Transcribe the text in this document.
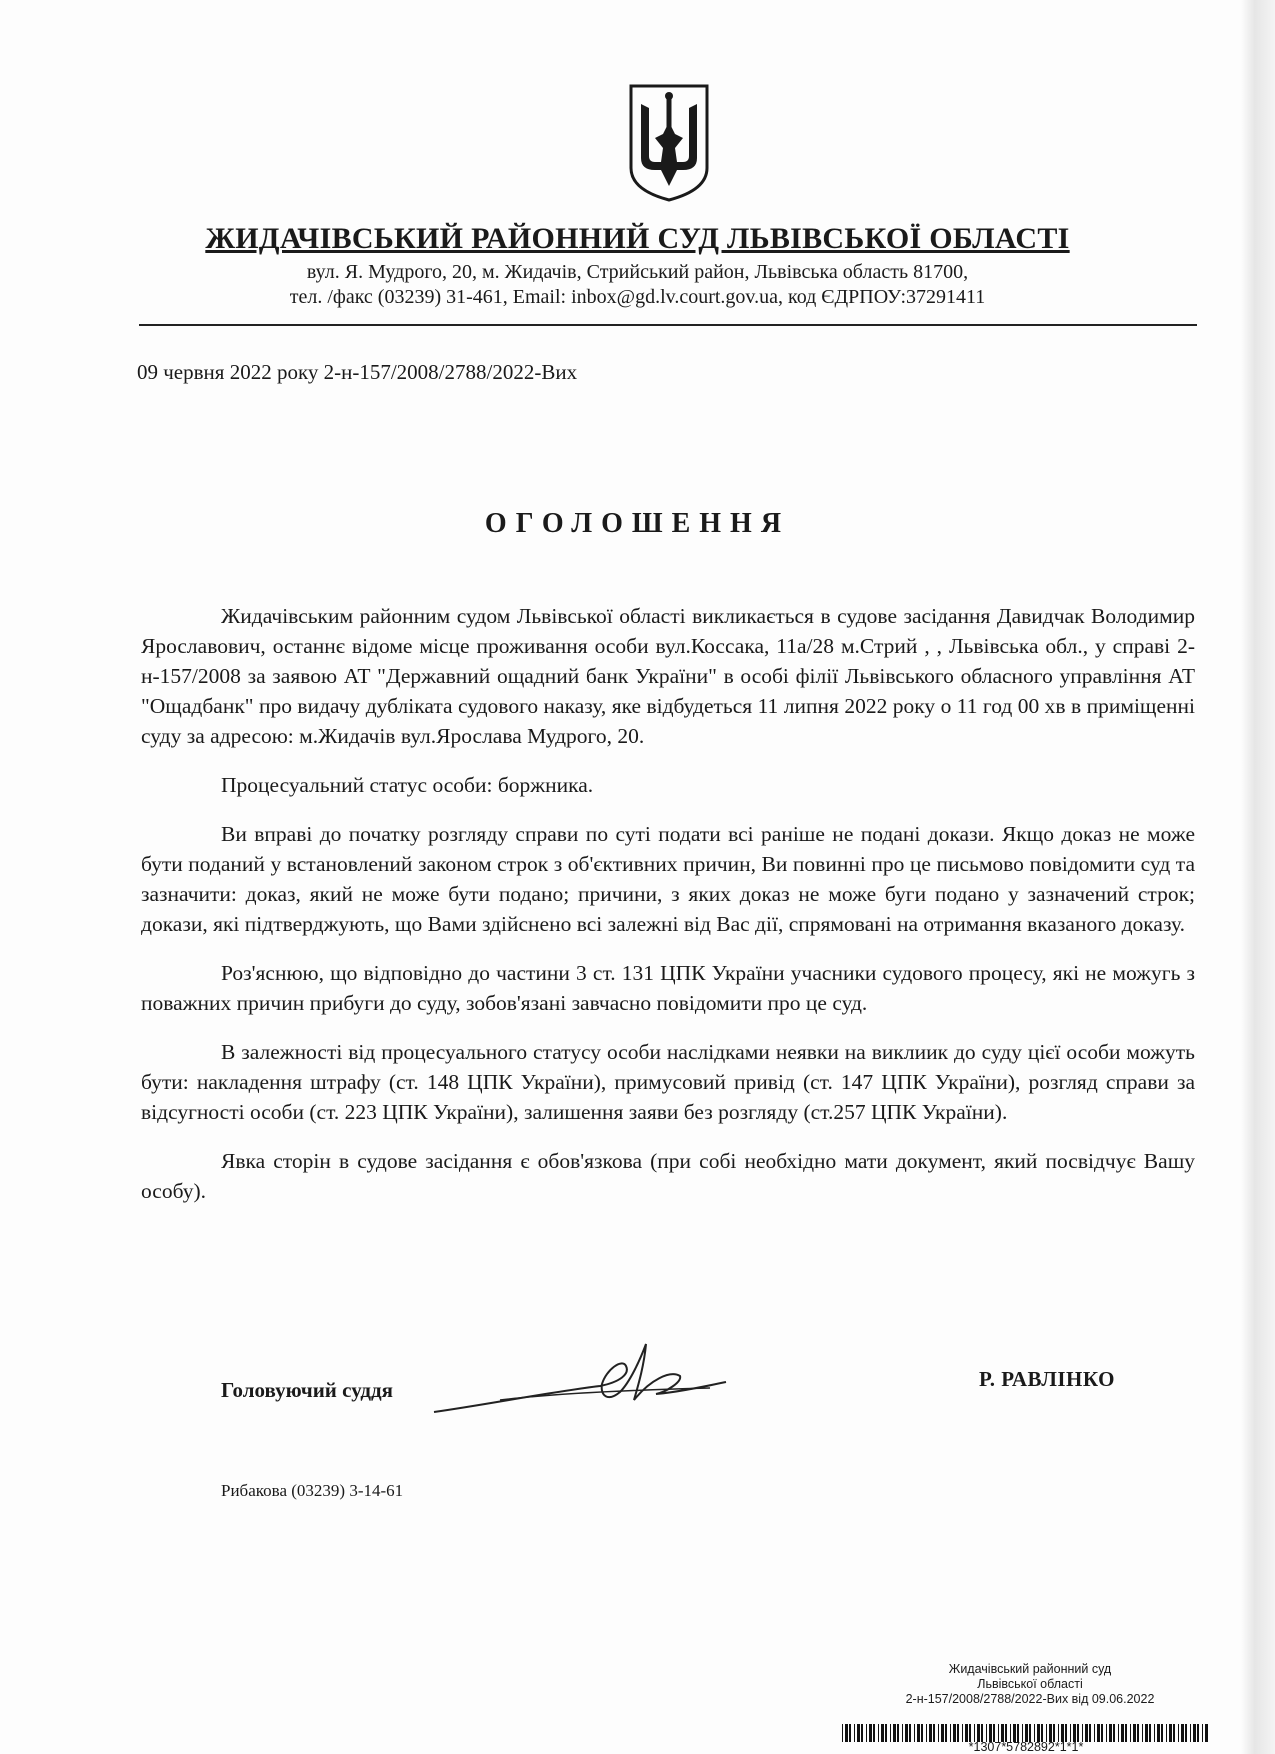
ЖИДАЧІВСЬКИЙ РАЙОННИЙ СУД ЛЬВІВСЬКОЇ ОБЛАСТІ
вул. Я. Мудрого, 20, м. Жидачів, Стрийський район, Львівська область 81700,
тел. /факс (03239) 31-461, Email: inbox@gd.lv.court.gov.ua, код ЄДРПОУ:37291411
09 червня 2022 року 2-н-157/2008/2788/2022-Вих
ОГОЛОШЕННЯ

Жидачівським районним судом Львівської області викликається в судове засідання Давидчак Володимир Ярославович, останнє відоме місце проживання особи вул.Коссака, 11а/28 м.Стрий , , Львівська обл., у справі 2-н-157/2008 за заявою АТ "Державний ощадний банк України" в особі філії Львівського обласного управління АТ "Ощадбанк" про видачу дубліката судового наказу, яке відбудеться 11 липня 2022 року о 11 год 00 хв в приміщенні суду за адресою: м.Жидачів вул.Ярослава Мудрого, 20.

Процесуальний статус особи: боржника.

Ви вправі до початку розгляду справи по суті подати всі раніше не подані докази. Якщо доказ не може бути поданий у встановлений законом строк з об'єктивних причин, Ви повинні про це письмово повідомити суд та зазначити: доказ, який не може бути подано; причини, з яких доказ не може буги подано у зазначений строк; докази, які підтверджують, що Вами здійснено всі залежні від Вас дії, спрямовані на отримання вказаного доказу.

Роз'яснюю, що відповідно до частини 3 ст. 131 ЦПК України учасники судового процесу, які не можугь з поважних причин прибуги до суду, зобов'язані завчасно повідомити про це суд.

В залежності від процесуального статусу особи наслідками неявки на виклиик до суду цієї особи можуть бути: накладення штрафу (ст. 148 ЦПК України), примусовий привід (ст. 147 ЦПК України), розгляд справи за відсугності особи (ст. 223 ЦПК України), залишення заяви без розгляду (ст.257 ЦПК України).

Явка сторін в судове засідання є обов'язкова (при собі необхідно мати документ, який посвідчує Вашу особу).

Головуючий суддя	Р. РАВЛІНКО
Рибакова (03239) 3-14-61
Жидачівський районний суд
Львівської області
2-н-157/2008/2788/2022-Вих від 09.06.2022
*1307*5782892*1*1*
